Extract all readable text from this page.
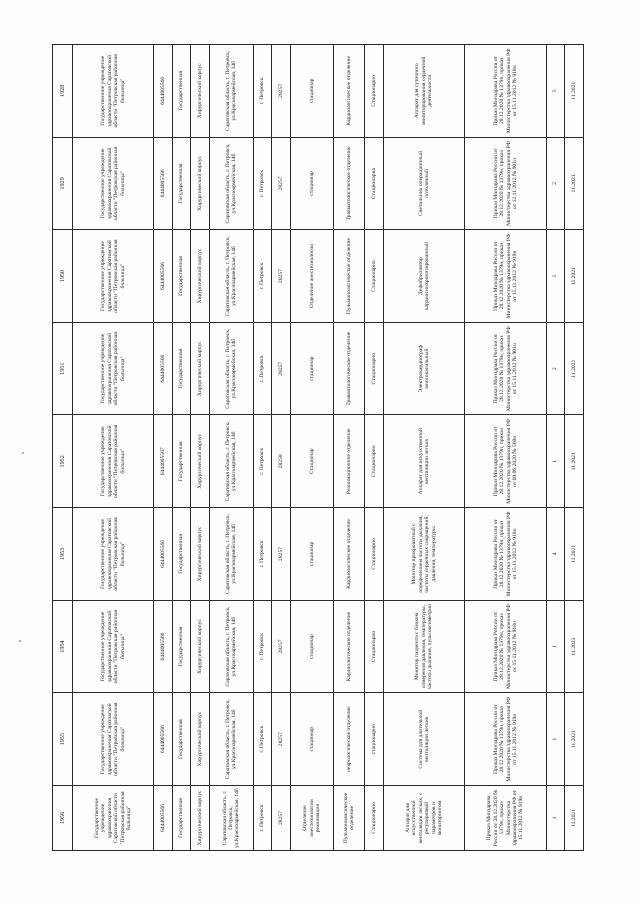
1956	1955	1954	1953	1952	1951	1950	1929	1928
Государственное учреждение здравоохранения Саратовской области "Петровская районная больница"	Государственное учреждение здравоохранения Саратовской области "Петровская районная больница"	Государственное учреждение здравоохранения Саратовской области "Петровская районная больница"	Государственное учреждение здравоохранения Саратовской области "Петровская районная больница"	Государственное учреждение здравоохранения Саратовской области "Петровская районная больница"	Государственное учреждение здравоохранения Саратовской области "Петровская районная больница"	Государственное учреждение здравоохранения Саратовской области "Петровская районная больница"	Государственное учреждение здравоохранения Саратовской области "Петровская районная больница"	Государственное учреждение здравоохранения Саратовской области "Петровская районная больница"
6444005566	6444005566	6444005566	6444005566	6444005567	6444005566	6444005566	6444005566	6444005566
Государственная	Государственная	Государственная	Государственная	Государственная	Государственная	Государственная	Государственная	Государственная
Хирургический корпус	Хирургический корпус	Хирургический корпус	Хирургический корпус	Хирургический корпус	Хирургический корпус	Хирургический корпус	Хирургический корпус	Хирургический корпус
Саратовская область, г. Петровск, ул.Красноармейская, 14б	Саратовская область, г. Петровск, ул.Красноармейская, 14б	Саратовская область, г. Петровск, ул.Красноармейская, 14б	Саратовская область, г. Петровск, ул.Красноармейская, 14б	Саратовская область, г. Петровск, ул.Красноармейская, 14б	Саратовская область, г. Петровск, ул.Красноармейская, 14б	Саратовская область, г. Петровск, ул.Красноармейская, 14б	Саратовская область, г. Петровск, ул.Красноармейская, 14б	Саратовская область, г. Петровск, ул.Красноармейская, 14б
г. Петровск	г. Петровск	г. Петровск	г. Петровск	г. Петровск	г. Петровск	г. Петровск	г. Петровск	г. Петровск
28257	28257	28257	28257	28258	28257	28257	28257	28257
Отделение анестезиологии реанимации	стационар	стационар	стационар	Стационар	стационар	Отделение анестезиологии	стационар	стационар
Пульмонологическое отделение	неврологическое отделение	Кардиологическое отделение	Кардиологическое отделение	Реанимационное отделение	Травматологическое отделение	Пульмонологическое отделение	Травматологическое отделение	Кардиологическое отделение
Стационарно	стационарно	Стационарно	Стационарно	Стационарно	Стационарно	Стационарно	Стационарно	Стационарно
Аппарат для искусственной вентиляции легких, с регулировкой параметров и мониторингом	Система для длительной вентиляции легких	Монитор пациента с блоком измерения давления, температуры, частоты дыхания, пульсоксиметрии	Монитор прикроватный с определением частоты дыхания, частоты сердечных сокращений, давления, температуры	Аппарат для искусственной вентиляции легких	Электрокардиограф многоканальный	Дефибриллятор кардиосинхронизированный	Светильник операционный потолочный	Аппарат для суточного мониторирования сердечной деятельности
Приказ Минздрава России от 28.12.2020 № 1379н, приказ Министерства здравоохранения РФ от 15.11.2012 № 919н	Приказ Минздрава России от 28.12.2020 № 1379н, приказ Министерства здравоохранения РФ от 15.11.2012 № 919н	Приказ Минздрава России от 28.12.2020 № 1379н, приказ Министерства здравоохранения РФ от 15.11.2012 № 918н	Приказ Минздрава России от 28.12.2020 № 1379н, приказ Министерства здравоохранения РФ от 15.11.2012 № 918н	Приказ Минздрава России от 28.12.2020 № 1379н, приказ Министерства здравоохранения РФ от 09.06.2020 № 560н	Приказ Минздрава России от 28.12.2020 № 1379н, приказ Министерства здравоохранения РФ от 15.11.2012 № 901н	Приказ Минздрава России от 28.12.2020 № 1379н, приказ Министерства здравоохранения РФ от 15.11.2012 № 919н	Приказ Минздрава России от 28.12.2020 № 1379н, приказ Министерства здравоохранения РФ от 12.11.2012 № 901н	Приказ Минздрава России от 28.12.2020 № 1379н, приказ Министерства здравоохранения РФ от 15.11.2012 № 918н
1	1	1	4	1	2	1	2	5
11.2021	11.2021	11.2021	11.2021	11.2021	11.2021	11.2021	11.2021	11.2021
